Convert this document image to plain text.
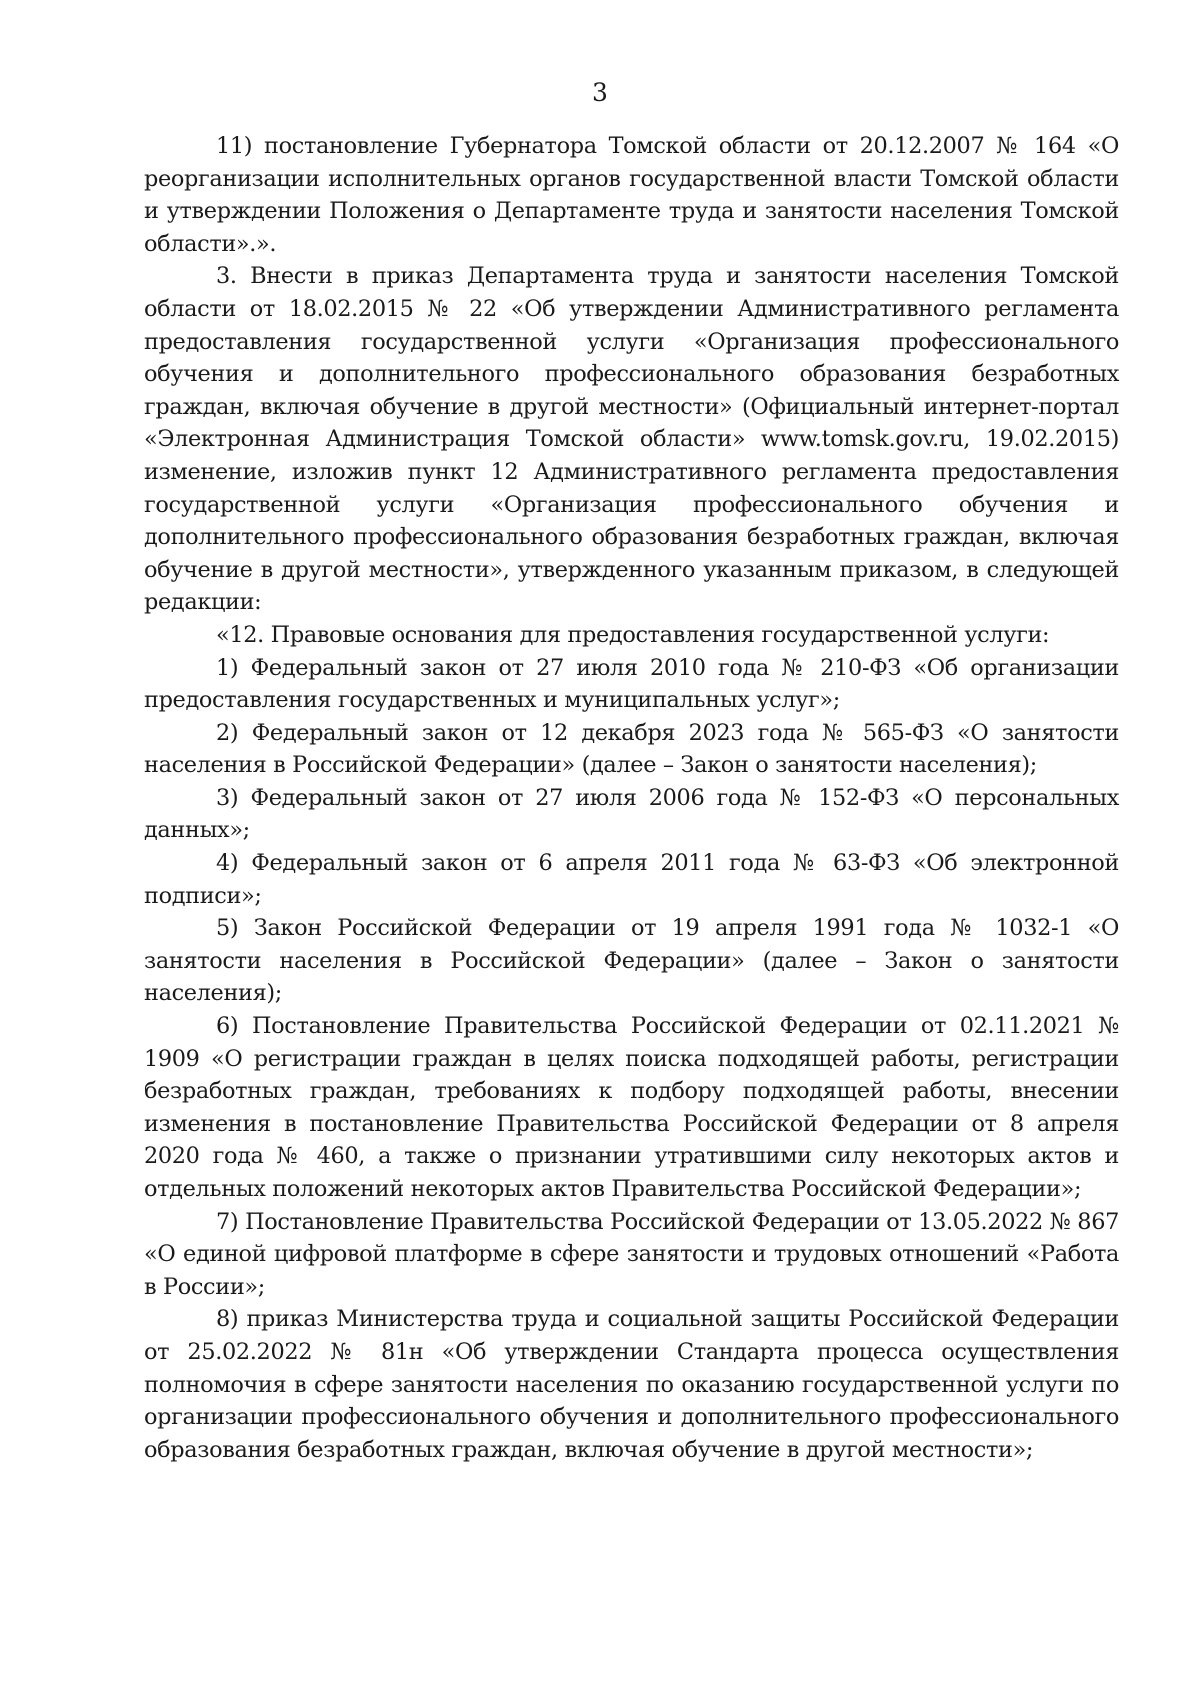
3

11) постановление Губернатора Томской области от 20.12.2007 № 164 «О реорганизации исполнительных органов государственной власти Томской области и утверждении Положения о Департаменте труда и занятости населения Томской области».».

3. Внести в приказ Департамента труда и занятости населения Томской области от 18.02.2015 № 22 «Об утверждении Административного регламента предоставления государственной услуги «Организация профессионального обучения и дополнительного профессионального образования безработных граждан, включая обучение в другой местности» (Официальный интернет-портал «Электронная Администрация Томской области» www.tomsk.gov.ru, 19.02.2015) изменение, изложив пункт 12 Административного регламента предоставления государственной услуги «Организация профессионального обучения и дополнительного профессионального образования безработных граждан, включая обучение в другой местности», утвержденного указанным приказом, в следующей редакции:

«12. Правовые основания для предоставления государственной услуги:

1) Федеральный закон от 27 июля 2010 года № 210-ФЗ «Об организации предоставления государственных и муниципальных услуг»;

2) Федеральный закон от 12 декабря 2023 года № 565-ФЗ «О занятости населения в Российской Федерации» (далее – Закон о занятости населения);

3) Федеральный закон от 27 июля 2006 года № 152-ФЗ «О персональных данных»;

4) Федеральный закон от 6 апреля 2011 года № 63-ФЗ «Об электронной подписи»;

5) Закон Российской Федерации от 19 апреля 1991 года № 1032-1 «О занятости населения в Российской Федерации» (далее – Закон о занятости населения);

6) Постановление Правительства Российской Федерации от 02.11.2021 № 1909 «О регистрации граждан в целях поиска подходящей работы, регистрации безработных граждан, требованиях к подбору подходящей работы, внесении изменения в постановление Правительства Российской Федерации от 8 апреля 2020 года № 460, а также о признании утратившими силу некоторых актов и отдельных положений некоторых актов Правительства Российской Федерации»;

7) Постановление Правительства Российской Федерации от 13.05.2022 № 867 «О единой цифровой платформе в сфере занятости и трудовых отношений «Работа в России»;

8) приказ Министерства труда и социальной защиты Российской Федерации от 25.02.2022 № 81н «Об утверждении Стандарта процесса осуществления полномочия в сфере занятости населения по оказанию государственной услуги по организации профессионального обучения и дополнительного профессионального образования безработных граждан, включая обучение в другой местности»;
